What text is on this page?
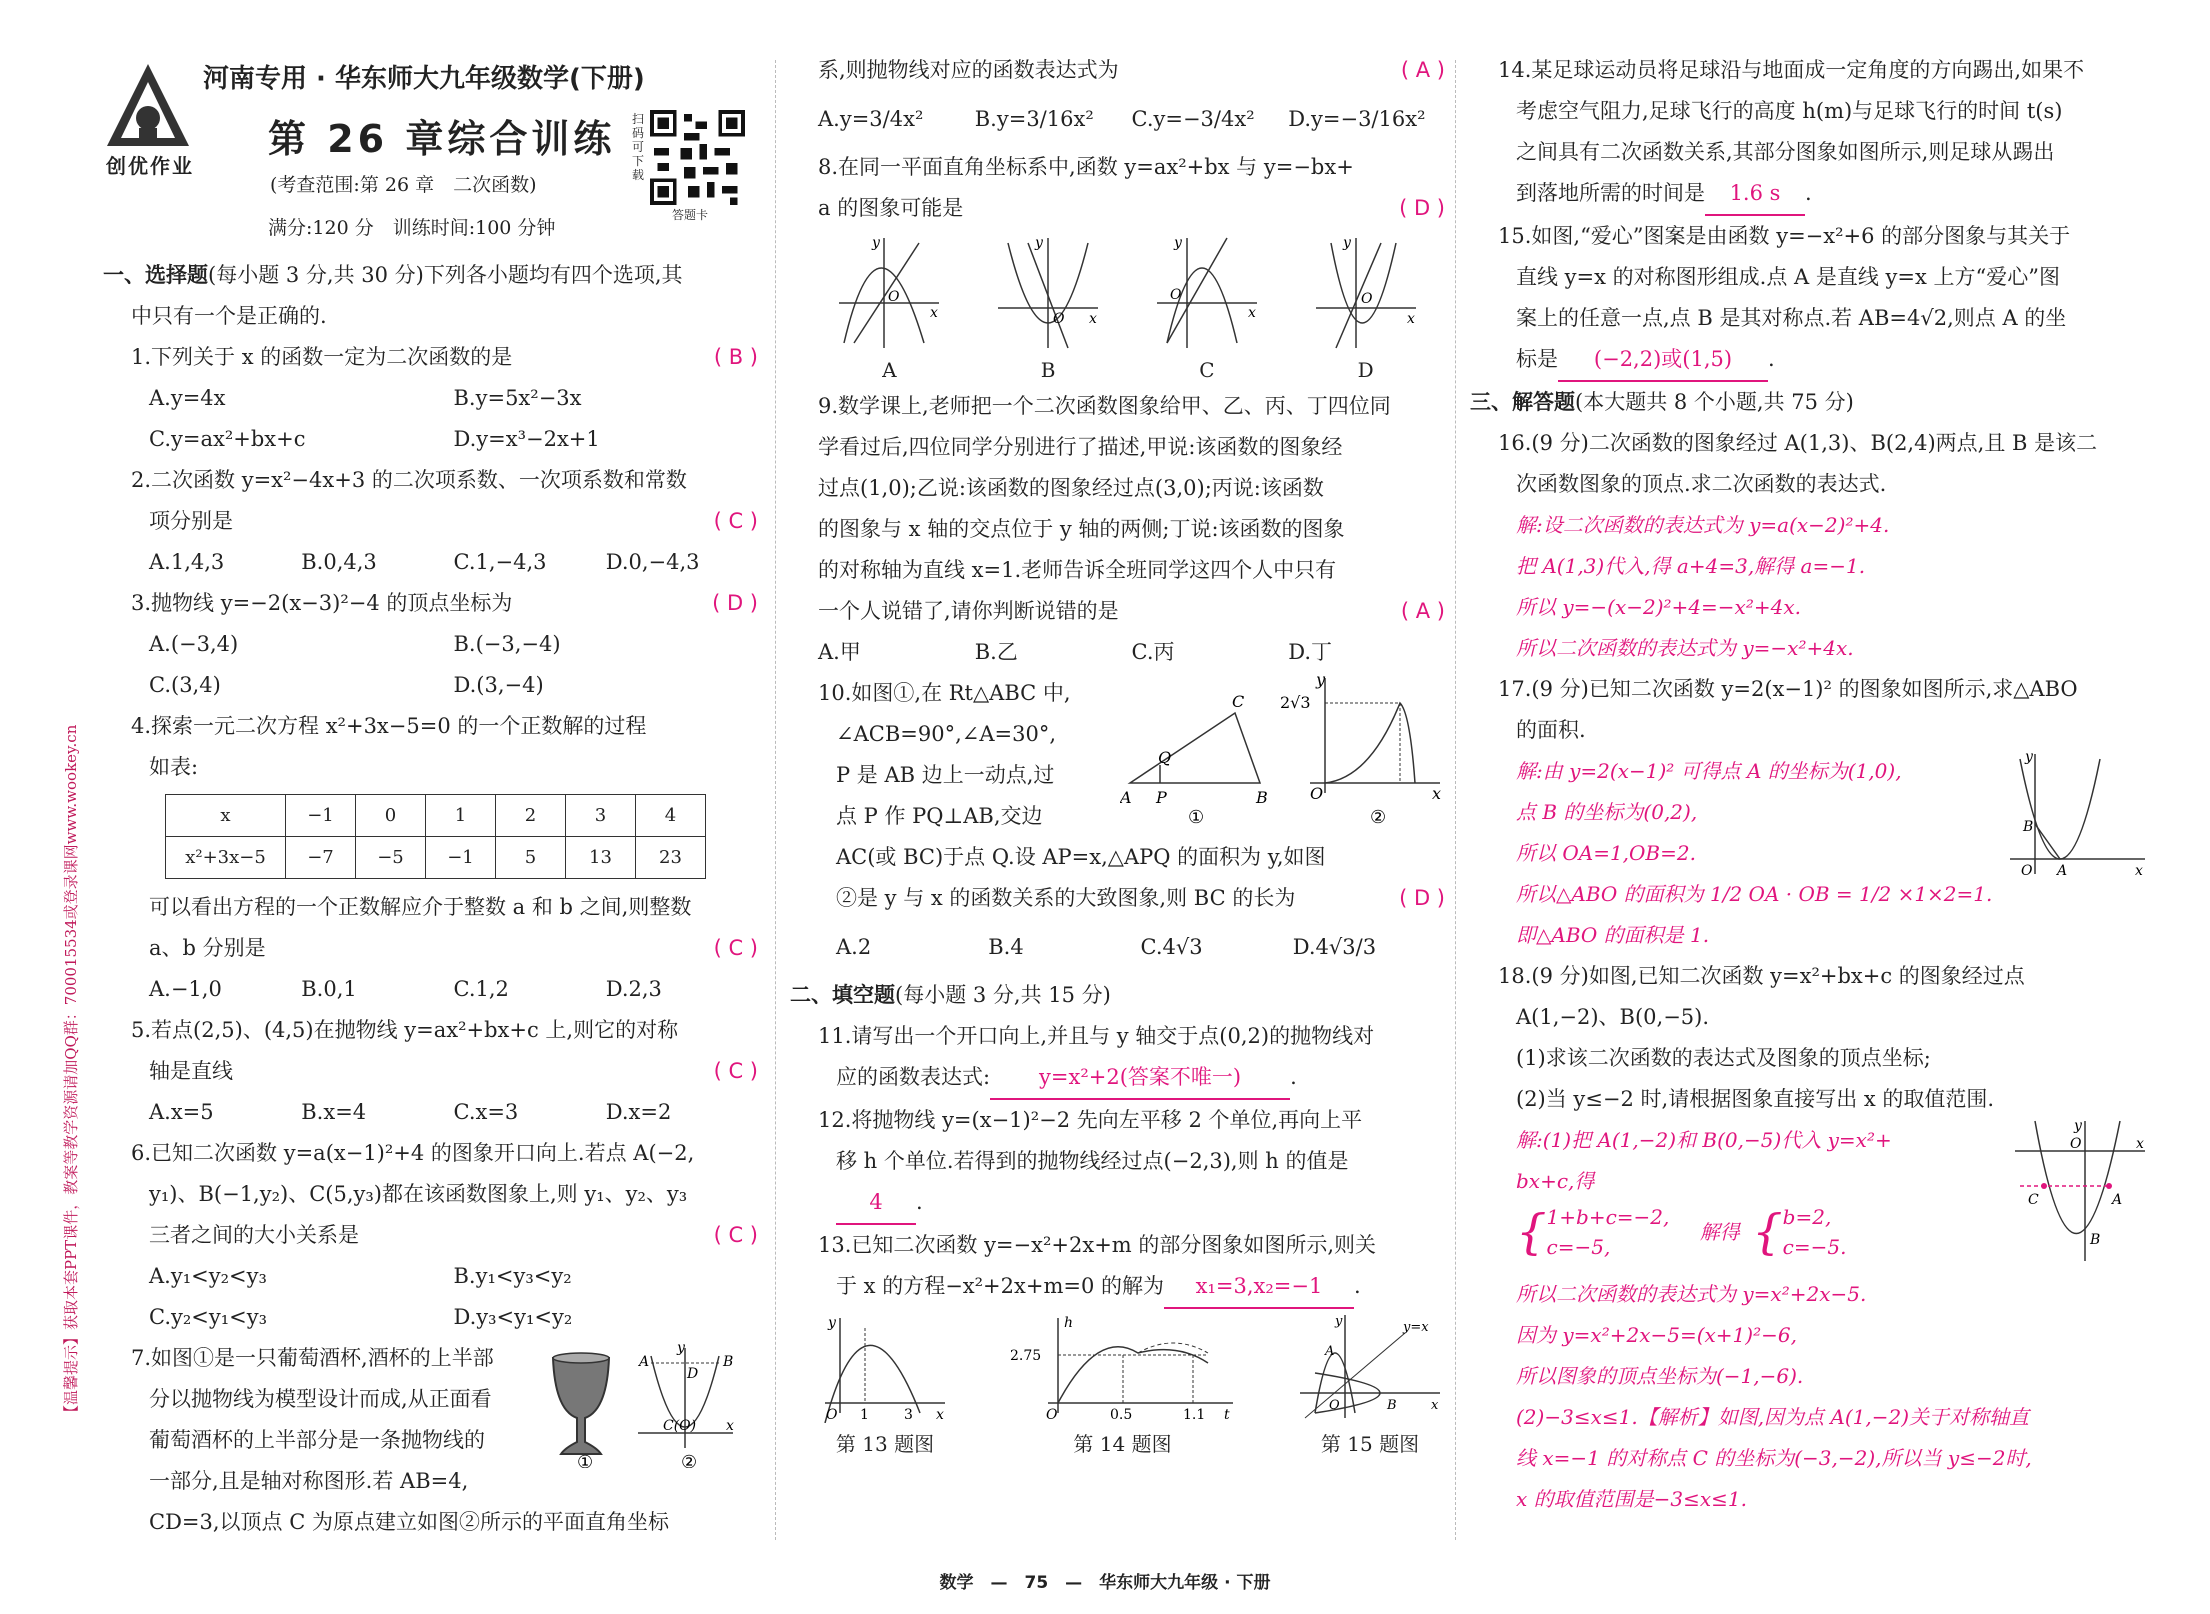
创优作业
河南专用 · 华东师大九年级数学(下册)
第 26 章综合训练
(考查范围:第 26 章　二次函数)
满分:120 分　训练时间:100 分钟
扫码可下载
答题卡
【温馨提示】获取本套PPT课件，教案等教学资源请加QQ群：700015534或登录课网www.wookey.cn
一、选择题(每小题 3 分,共 30 分)下列各小题均有四个选项,其
中只有一个是正确的.
1.下列关于 x 的函数一定为二次函数的是	( B )
A.y=4x	B.y=5x²−3x
C.y=ax²+bx+c	D.y=x³−2x+1
2.二次函数 y=x²−4x+3 的二次项系数、一次项系数和常数
项分别是	( C )
A.1,4,3	B.0,4,3	C.1,−4,3	D.0,−4,3
3.抛物线 y=−2(x−3)²−4 的顶点坐标为	( D )
A.(−3,4)	B.(−3,−4)
C.(3,4)	D.(3,−4)
4.探索一元二次方程 x²+3x−5=0 的一个正数解的过程
如表:
x	−1	0	1	2	3	4
x²+3x−5	−7	−5	−1	5	13	23
可以看出方程的一个正数解应介于整数 a 和 b 之间,则整数
a、b 分别是	( C )
A.−1,0	B.0,1	C.1,2	D.2,3
5.若点(2,5)、(4,5)在抛物线 y=ax²+bx+c 上,则它的对称
轴是直线	( C )
A.x=5	B.x=4	C.x=3	D.x=2
6.已知二次函数 y=a(x−1)²+4 的图象开口向上.若点 A(−2,
y₁)、B(−1,y₂)、C(5,y₃)都在该函数图象上,则 y₁、y₂、y₃
三者之间的大小关系是	( C )
A.y₁<y₂<y₃	B.y₁<y₃<y₂
C.y₂<y₁<y₃	D.y₃<y₁<y₂
7.如图①是一只葡萄酒杯,酒杯的上半部
分以抛物线为模型设计而成,从正面看
葡萄酒杯的上半部分是一条抛物线的
一部分,且是轴对称图形.若 AB=4,
CD=3,以顶点 C 为原点建立如图②所示的平面直角坐标
①
A	B
D
C(O) x
y
②
系,则抛物线对应的函数表达式为	( A )
A.y=3/4x² B.y=3/16x² C.y=−3/4x² D.y=−3/16x²
8.在同一平面直角坐标系中,函数 y=ax²+bx 与 y=−bx+
a 的图象可能是	( D )
O
x
y
A
O x
y
B
O
x
y
C
O
x
y
D
9.数学课上,老师把一个二次函数图象给甲、乙、丙、丁四位同
学看过后,四位同学分别进行了描述,甲说:该函数的图象经
过点(1,0);乙说:该函数的图象经过点(3,0);丙说:该函数
的图象与 x 轴的交点位于 y 轴的两侧;丁说:该函数的图象
的对称轴为直线 x=1.老师告诉全班同学这四个人中只有
一个人说错了,请你判断说错的是	( A )
A.甲	B.乙	C.丙	D.丁
10.如图①,在 Rt△ABC 中,
∠ACB=90°,∠A=30°,
P 是 AB 边上一动点,过
点 P 作 PQ⊥AB,交边
A P	B
C
Q
①
2√3
O	x
y
②
AC(或 BC)于点 Q.设 AP=x,△APQ 的面积为 y,如图
②是 y 与 x 的函数关系的大致图象,则 BC 的长为	( D )
A.2	B.4	C.4√3	D.4√3/3
二、填空题(每小题 3 分,共 15 分)
11.请写出一个开口向上,并且与 y 轴交于点(0,2)的抛物线对
应的函数表达式: y=x²+2(答案不唯一) .
12.将抛物线 y=(x−1)²−2 先向左平移 2 个单位,再向上平
移 h 个单位.若得到的抛物线经过点(−2,3),则 h 的值是
4 .
13.已知二次函数 y=−x²+2x+m 的部分图象如图所示,则关
于 x 的方程−x²+2x+m=0 的解为 x₁=3,x₂=−1 .
O 1	3 x
y
第 13 题图
2.75
O	0.5	1.1 t
h
第 14 题图
A
B
O
y=x
x
y
第 15 题图
14.某足球运动员将足球沿与地面成一定角度的方向踢出,如果不
考虑空气阻力,足球飞行的高度 h(m)与足球飞行的时间 t(s)
之间具有二次函数关系,其部分图象如图所示,则足球从踢出
到落地所需的时间是 1.6 s .
15.如图,“爱心”图案是由函数 y=−x²+6 的部分图象与其关于
直线 y=x 的对称图形组成.点 A 是直线 y=x 上方“爱心”图
案上的任意一点,点 B 是其对称点.若 AB=4√2,则点 A 的坐
标是 (−2,2)或(1,5) .
三、解答题(本大题共 8 个小题,共 75 分)
16.(9 分)二次函数的图象经过 A(1,3)、B(2,4)两点,且 B 是该二
次函数图象的顶点.求二次函数的表达式.
解:设二次函数的表达式为 y=a(x−2)²+4.
把 A(1,3)代入,得 a+4=3,解得 a=−1.
所以 y=−(x−2)²+4=−x²+4x.
所以二次函数的表达式为 y=−x²+4x.
17.(9 分)已知二次函数 y=2(x−1)² 的图象如图所示,求△ABO
的面积.
解:由 y=2(x−1)² 可得点 A 的坐标为(1,0),
点 B 的坐标为(0,2),
所以 OA=1,OB=2.
所以△ABO 的面积为 1/2 OA · OB = 1/2 ×1×2=1.
即△ABO 的面积是 1.
B
O A	x
y
18.(9 分)如图,已知二次函数 y=x²+bx+c 的图象经过点
A(1,−2)、B(0,−5).
(1)求该二次函数的表达式及图象的顶点坐标;
(2)当 y≤−2 时,请根据图象直接写出 x 的取值范围.
解:(1)把 A(1,−2)和 B(0,−5)代入 y=x²+
bx+c,得
{ 1+b+c=−2,
c=−5,
解得 { b=2,
c=−5.
所以二次函数的表达式为 y=x²+2x−5.
因为 y=x²+2x−5=(x+1)²−6,
所以图象的顶点坐标为(−1,−6).
(2)−3≤x≤1.【解析】如图,因为点 A(1,−2)关于对称轴直
线 x=−1 的对称点 C 的坐标为(−3,−2),所以当 y≤−2时,
x 的取值范围是−3≤x≤1.
C	A
B
O	x
y
数学　—　75　—　华东师大九年级 · 下册
